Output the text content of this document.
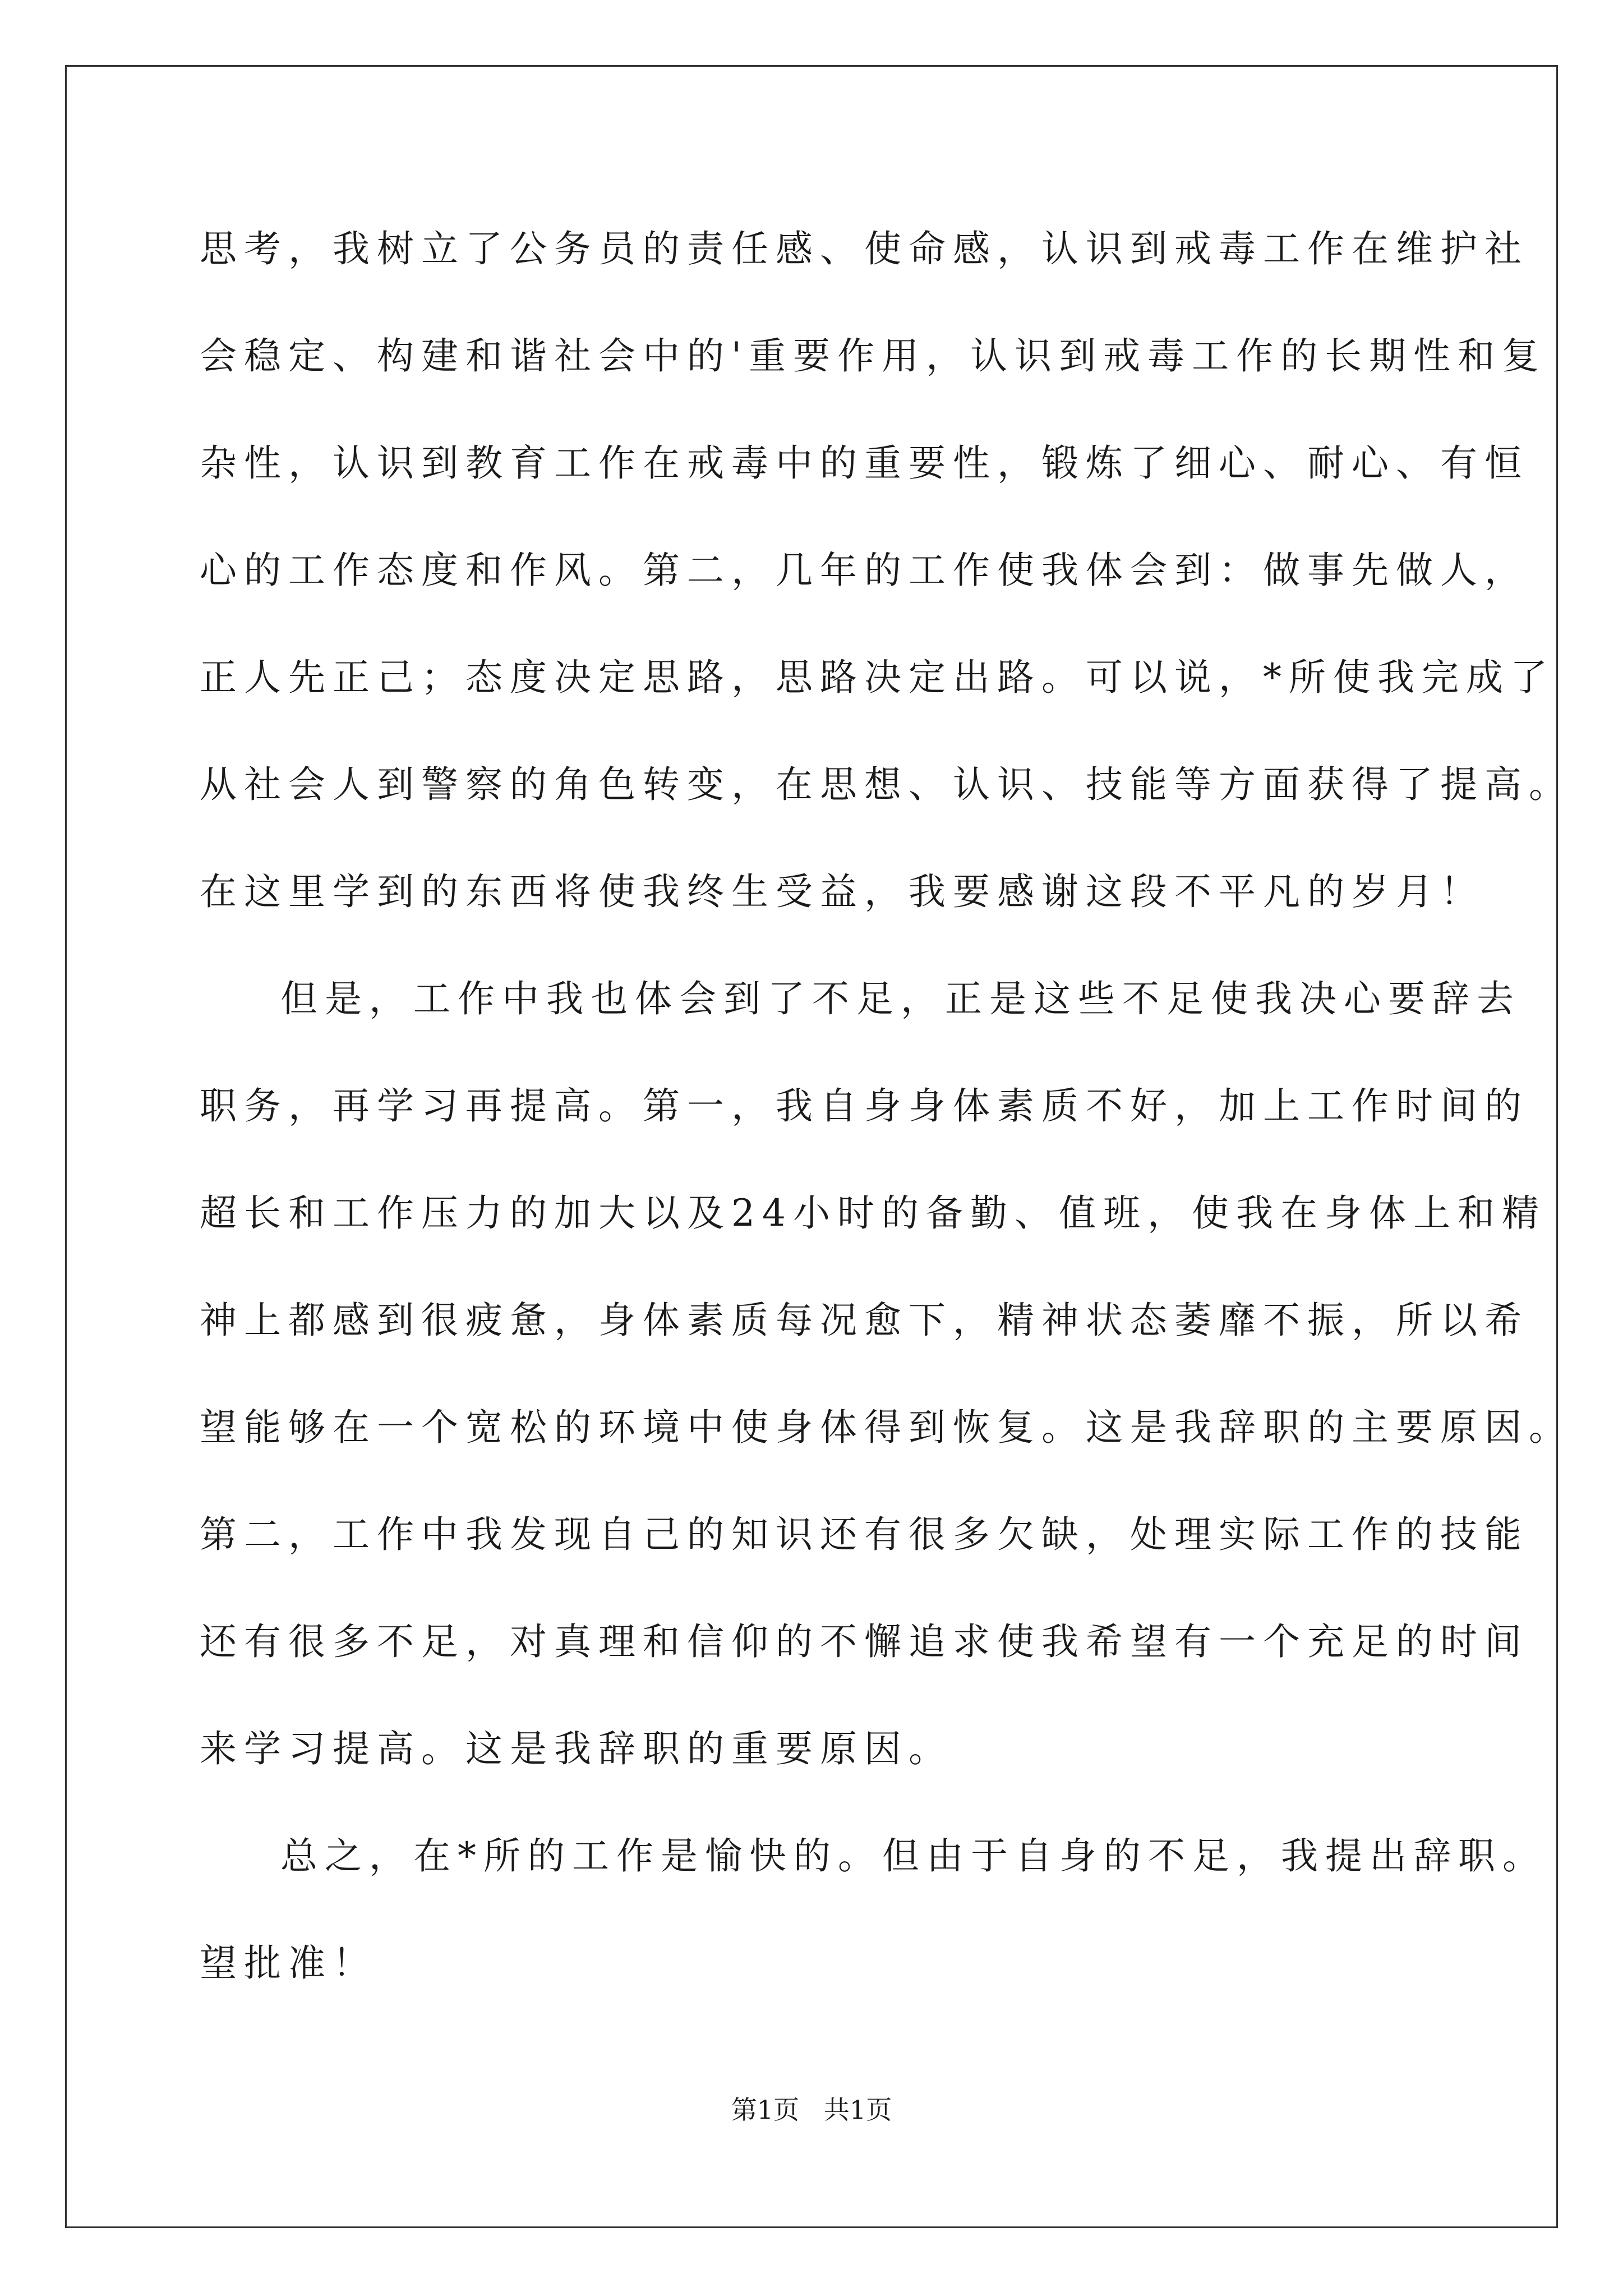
思考，我树立了公务员的责任感、使命感，认识到戒毒工作在维护社
会稳定、构建和谐社会中的'重要作用，认识到戒毒工作的长期性和复
杂性，认识到教育工作在戒毒中的重要性，锻炼了细心、耐心、有恒
心的工作态度和作风。第二，几年的工作使我体会到：做事先做人，
正人先正己；态度决定思路，思路决定出路。可以说，*所使我完成了
从社会人到警察的角色转变，在思想、认识、技能等方面获得了提高。
在这里学到的东西将使我终生受益，我要感谢这段不平凡的岁月！
但是，工作中我也体会到了不足，正是这些不足使我决心要辞去
职务，再学习再提高。第一，我自身身体素质不好，加上工作时间的
超长和工作压力的加大以及24小时的备勤、值班，使我在身体上和精
神上都感到很疲惫，身体素质每况愈下，精神状态萎靡不振，所以希
望能够在一个宽松的环境中使身体得到恢复。这是我辞职的主要原因。
第二，工作中我发现自己的知识还有很多欠缺，处理实际工作的技能
还有很多不足，对真理和信仰的不懈追求使我希望有一个充足的时间
来学习提高。这是我辞职的重要原因。
总之，在*所的工作是愉快的。但由于自身的不足，我提出辞职。
望批准！
第1页   共1页
